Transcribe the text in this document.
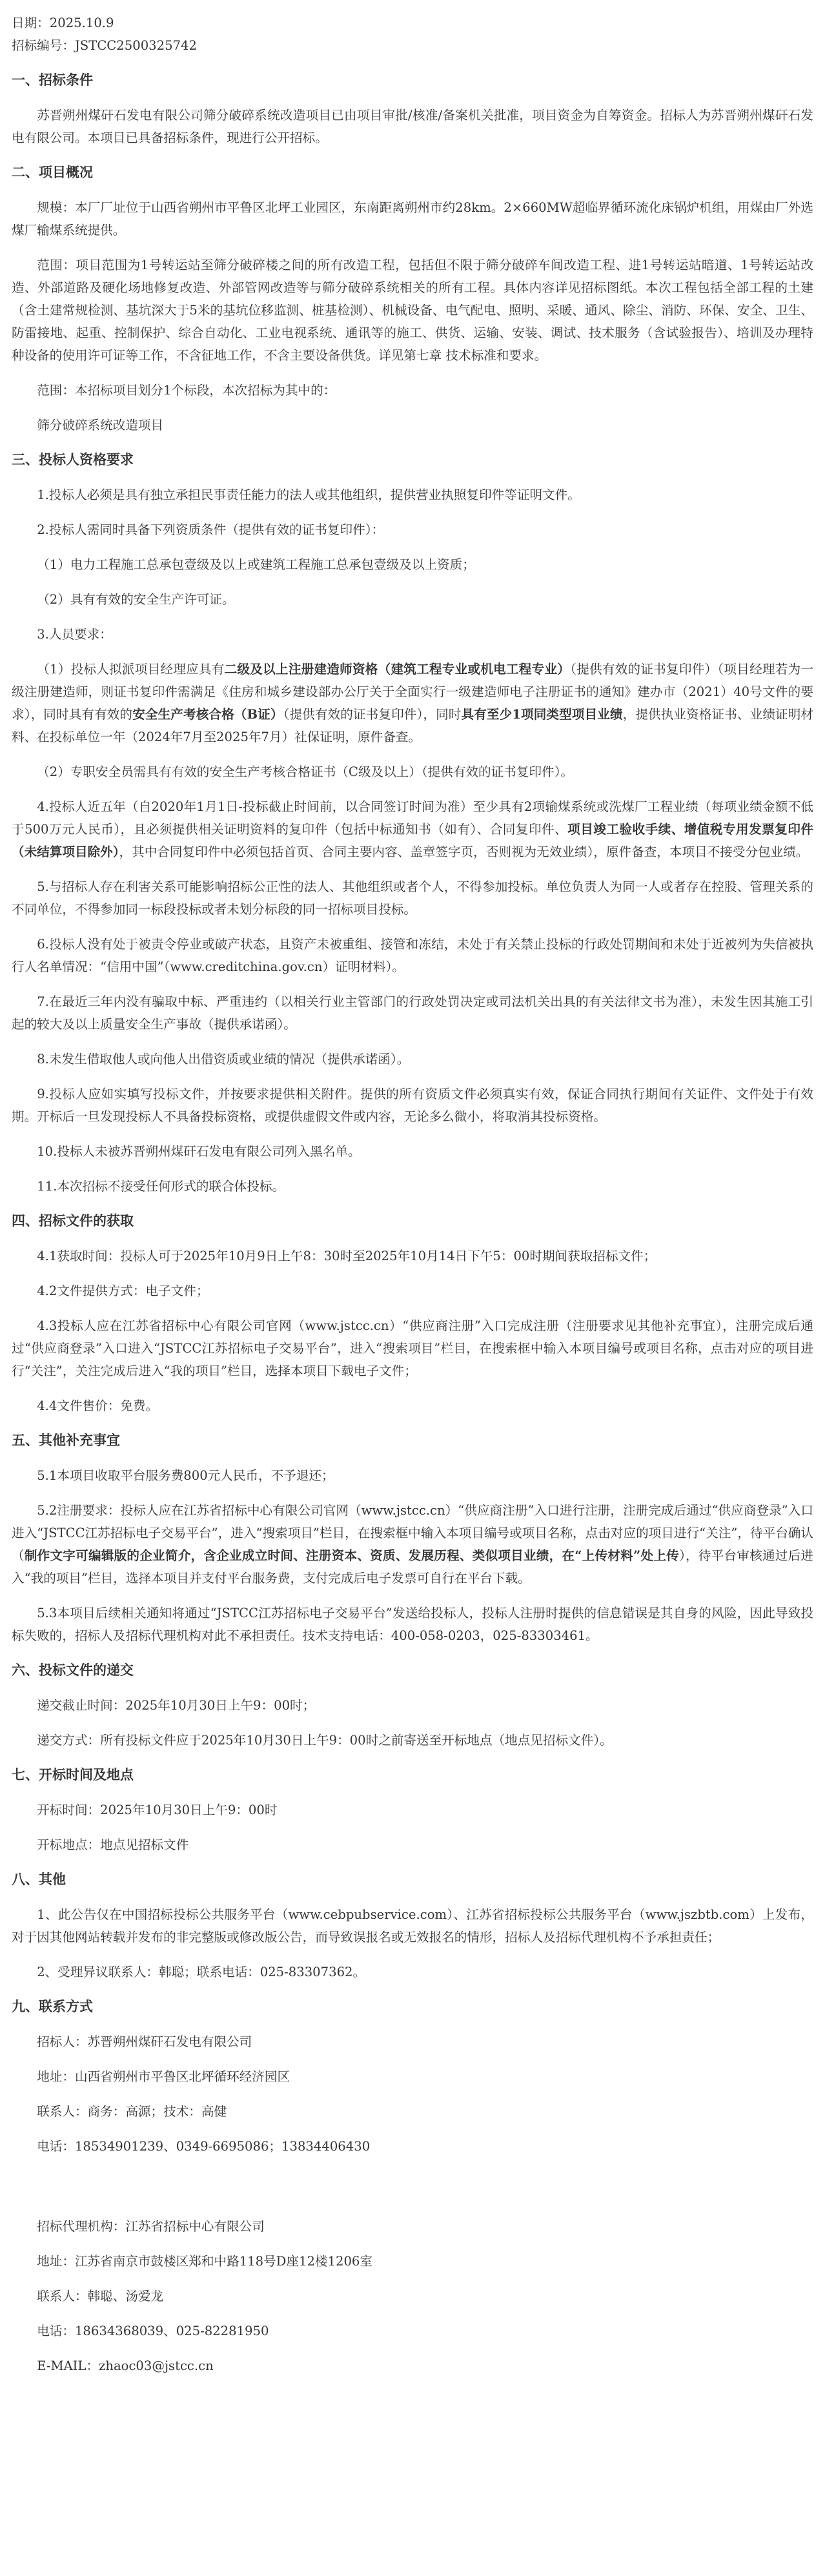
日期：2025.10.9

招标编号：JSTCC2500325742

一、招标条件

苏晋朔州煤矸石发电有限公司筛分破碎系统改造项目已由项目审批/核准/备案机关批准，项目资金为自筹资金。招标人为苏晋朔州煤矸石发电有限公司。本项目已具备招标条件，现进行公开招标。

二、项目概况

规模：本厂厂址位于山西省朔州市平鲁区北坪工业园区，东南距离朔州市约28km。2×660MW超临界循环流化床锅炉机组，用煤由厂外选煤厂输煤系统提供。

范围：项目范围为1号转运站至筛分破碎楼之间的所有改造工程，包括但不限于筛分破碎车间改造工程、进1号转运站暗道、1号转运站改造、外部道路及硬化场地修复改造、外部管网改造等与筛分破碎系统相关的所有工程。具体内容详见招标图纸。本次工程包括全部工程的土建（含土建常规检测、基坑深大于5米的基坑位移监测、桩基检测）、机械设备、电气配电、照明、采暖、通风、除尘、消防、环保、安全、卫生、防雷接地、起重、控制保护、综合自动化、工业电视系统、通讯等的施工、供货、运输、安装、调试、技术服务（含试验报告）、培训及办理特种设备的使用许可证等工作，不含征地工作，不含主要设备供货。详见第七章 技术标准和要求。

范围：本招标项目划分1个标段，本次招标为其中的：

筛分破碎系统改造项目

三、投标人资格要求

1.投标人必须是具有独立承担民事责任能力的法人或其他组织，提供营业执照复印件等证明文件。

2.投标人需同时具备下列资质条件（提供有效的证书复印件）：

（1）电力工程施工总承包壹级及以上或建筑工程施工总承包壹级及以上资质；

（2）具有有效的安全生产许可证。

3.人员要求：

（1）投标人拟派项目经理应具有二级及以上注册建造师资格（建筑工程专业或机电工程专业）（提供有效的证书复印件）（项目经理若为一级注册建造师，则证书复印件需满足《住房和城乡建设部办公厅关于全面实行一级建造师电子注册证书的通知》建办市（2021）40号文件的要求），同时具有有效的安全生产考核合格（B证）（提供有效的证书复印件），同时具有至少1项同类型项目业绩，提供执业资格证书、业绩证明材料、在投标单位一年（2024年7月至2025年7月）社保证明，原件备查。

（2）专职安全员需具有有效的安全生产考核合格证书（C级及以上）（提供有效的证书复印件）。

4.投标人近五年（自2020年1月1日-投标截止时间前，以合同签订时间为准）至少具有2项输煤系统或洗煤厂工程业绩（每项业绩金额不低于500万元人民币），且必须提供相关证明资料的复印件（包括中标通知书（如有）、合同复印件、项目竣工验收手续、增值税专用发票复印件（未结算项目除外），其中合同复印件中必须包括首页、合同主要内容、盖章签字页，否则视为无效业绩），原件备查，本项目不接受分包业绩。

5.与招标人存在利害关系可能影响招标公正性的法人、其他组织或者个人，不得参加投标。单位负责人为同一人或者存在控股、管理关系的不同单位，不得参加同一标段投标或者未划分标段的同一招标项目投标。

6.投标人没有处于被责令停业或破产状态，且资产未被重组、接管和冻结，未处于有关禁止投标的行政处罚期间和未处于近被列为失信被执行人名单情况：“信用中国”（www.creditchina.gov.cn）证明材料）。

7.在最近三年内没有骗取中标、严重违约（以相关行业主管部门的行政处罚决定或司法机关出具的有关法律文书为准），未发生因其施工引起的较大及以上质量安全生产事故（提供承诺函）。

8.未发生借取他人或向他人出借资质或业绩的情况（提供承诺函）。

9.投标人应如实填写投标文件，并按要求提供相关附件。提供的所有资质文件必须真实有效，保证合同执行期间有关证件、文件处于有效期。开标后一旦发现投标人不具备投标资格，或提供虚假文件或内容，无论多么微小，将取消其投标资格。

10.投标人未被苏晋朔州煤矸石发电有限公司列入黑名单。

11.本次招标不接受任何形式的联合体投标。

四、招标文件的获取

4.1获取时间：投标人可于2025年10月9日上午8：30时至2025年10月14日下午5：00时期间获取招标文件；

4.2文件提供方式：电子文件；

4.3投标人应在江苏省招标中心有限公司官网（www.jstcc.cn）“供应商注册”入口完成注册（注册要求见其他补充事宜），注册完成后通过“供应商登录”入口进入“JSTCC江苏招标电子交易平台”，进入“搜索项目”栏目，在搜索框中输入本项目编号或项目名称，点击对应的项目进行“关注”，关注完成后进入“我的项目”栏目，选择本项目下载电子文件；

4.4文件售价：免费。

五、其他补充事宜

5.1本项目收取平台服务费800元人民币，不予退还；

5.2注册要求：投标人应在江苏省招标中心有限公司官网（www.jstcc.cn）“供应商注册”入口进行注册，注册完成后通过“供应商登录”入口进入“JSTCC江苏招标电子交易平台”，进入“搜索项目”栏目，在搜索框中输入本项目编号或项目名称，点击对应的项目进行“关注”，待平台确认（制作文字可编辑版的企业简介，含企业成立时间、注册资本、资质、发展历程、类似项目业绩，在“上传材料”处上传），待平台审核通过后进入“我的项目”栏目，选择本项目并支付平台服务费，支付完成后电子发票可自行在平台下载。

5.3本项目后续相关通知将通过“JSTCC江苏招标电子交易平台”发送给投标人，投标人注册时提供的信息错误是其自身的风险，因此导致投标失败的，招标人及招标代理机构对此不承担责任。技术支持电话：400-058-0203，025-83303461。

六、投标文件的递交

递交截止时间：2025年10月30日上午9：00时；

递交方式：所有投标文件应于2025年10月30日上午9：00时之前寄送至开标地点（地点见招标文件）。

七、开标时间及地点

开标时间：2025年10月30日上午9：00时

开标地点：地点见招标文件

八、其他

1、此公告仅在中国招标投标公共服务平台（www.cebpubservice.com）、江苏省招标投标公共服务平台（www.jszbtb.com）上发布，对于因其他网站转载并发布的非完整版或修改版公告，而导致误报名或无效报名的情形，招标人及招标代理机构不予承担责任；

2、受理异议联系人：韩聪；联系电话：025-83307362。

九、联系方式

招标人：苏晋朔州煤矸石发电有限公司

地址：山西省朔州市平鲁区北坪循环经济园区

联系人：商务：高源；技术：高健

电话：18534901239、0349-6695086；13834406430

招标代理机构：江苏省招标中心有限公司

地址：江苏省南京市鼓楼区郑和中路118号D座12楼1206室

联系人：韩聪、汤爱龙

电话：18634368039、025-82281950

E-MAIL：zhaoc03@jstcc.cn
